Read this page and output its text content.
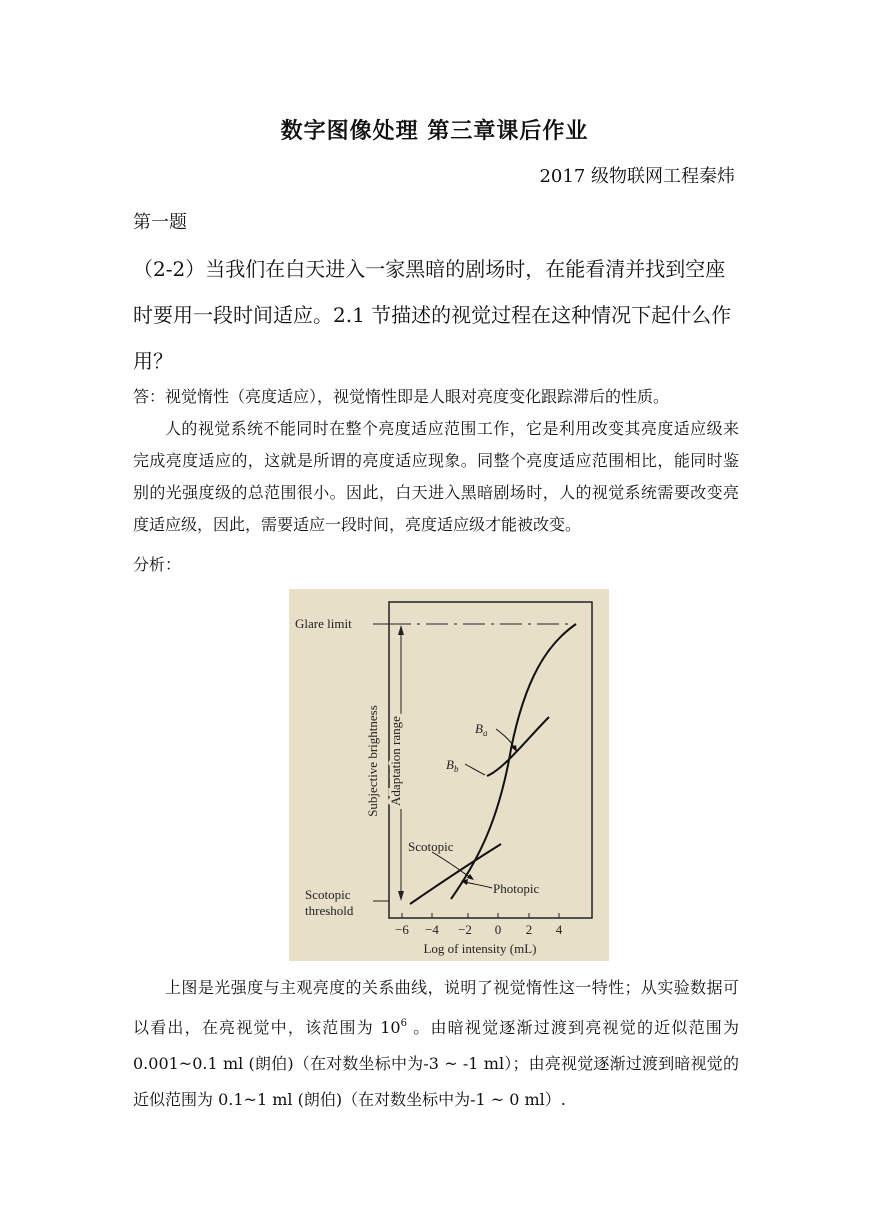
数字图像处理 第三章课后作业
2017 级物联网工程秦炜
第一题
（2-2）当我们在白天进入一家黑暗的剧场时，在能看清并找到空座时要用一段时间适应。2.1 节描述的视觉过程在这种情况下起什么作用？
答：视觉惰性（亮度适应），视觉惰性即是人眼对亮度变化跟踪滞后的性质。
人的视觉系统不能同时在整个亮度适应范围工作，它是利用改变其亮度适应级来完成亮度适应的，这就是所谓的亮度适应现象。同整个亮度适应范围相比，能同时鉴别的光强度级的总范围很小。因此，白天进入黑暗剧场时，人的视觉系统需要改变亮度适应级，因此，需要适应一段时间，亮度适应级才能被改变。
分析：
−6 −4 −2 0 2 4
Glare limit
Subjective brightness Adaptation range	$B_a$
$B_b$
Scotopic
Photopic
Scotopic
threshold
Log of intensity (mL)
上图是光强度与主观亮度的关系曲线，说明了视觉惰性这一特性；从实验数据可以看出，在亮视觉中，该范围为 $10^6$ 。由暗视觉逐渐过渡到亮视觉的近似范围为 0.001~0.1 ml (朗伯)（在对数坐标中为-3 ~ -1 ml）；由亮视觉逐渐过渡到暗视觉的近似范围为 0.1~1 ml (朗伯)（在对数坐标中为-1 ~ 0 ml）.
